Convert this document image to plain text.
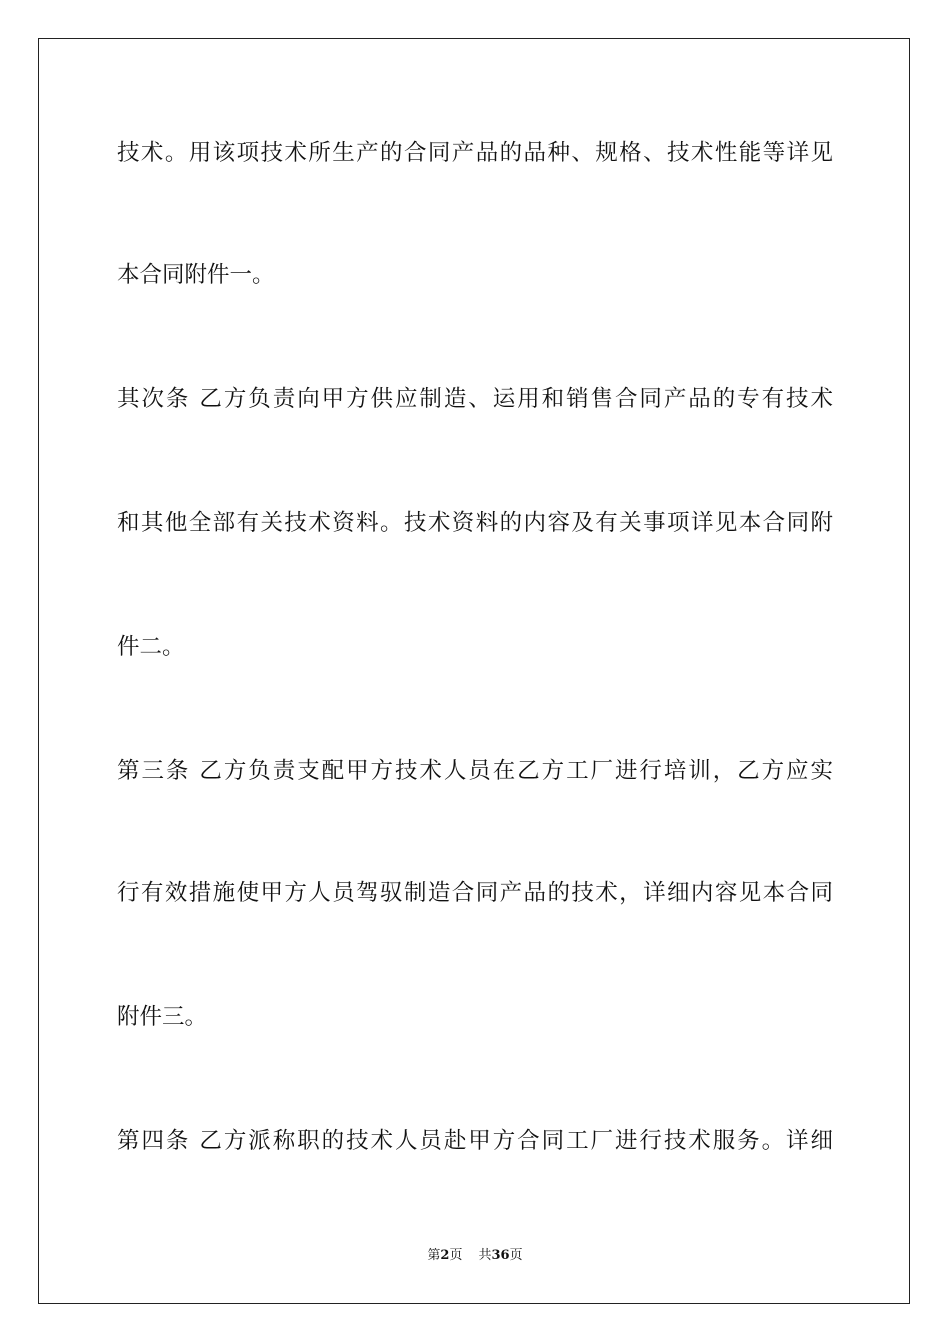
技术。用该项技术所生产的合同产品的品种、规格、技术性能等详见
本合同附件一。
其次条 乙方负责向甲方供应制造、运用和销售合同产品的专有技术
和其他全部有关技术资料。技术资料的内容及有关事项详见本合同附
件二。
第三条 乙方负责支配甲方技术人员在乙方工厂进行培训，乙方应实
行有效措施使甲方人员驾驭制造合同产品的技术，详细内容见本合同
附件三。
第四条 乙方派称职的技术人员赴甲方合同工厂进行技术服务。详细
第2页 共36页
